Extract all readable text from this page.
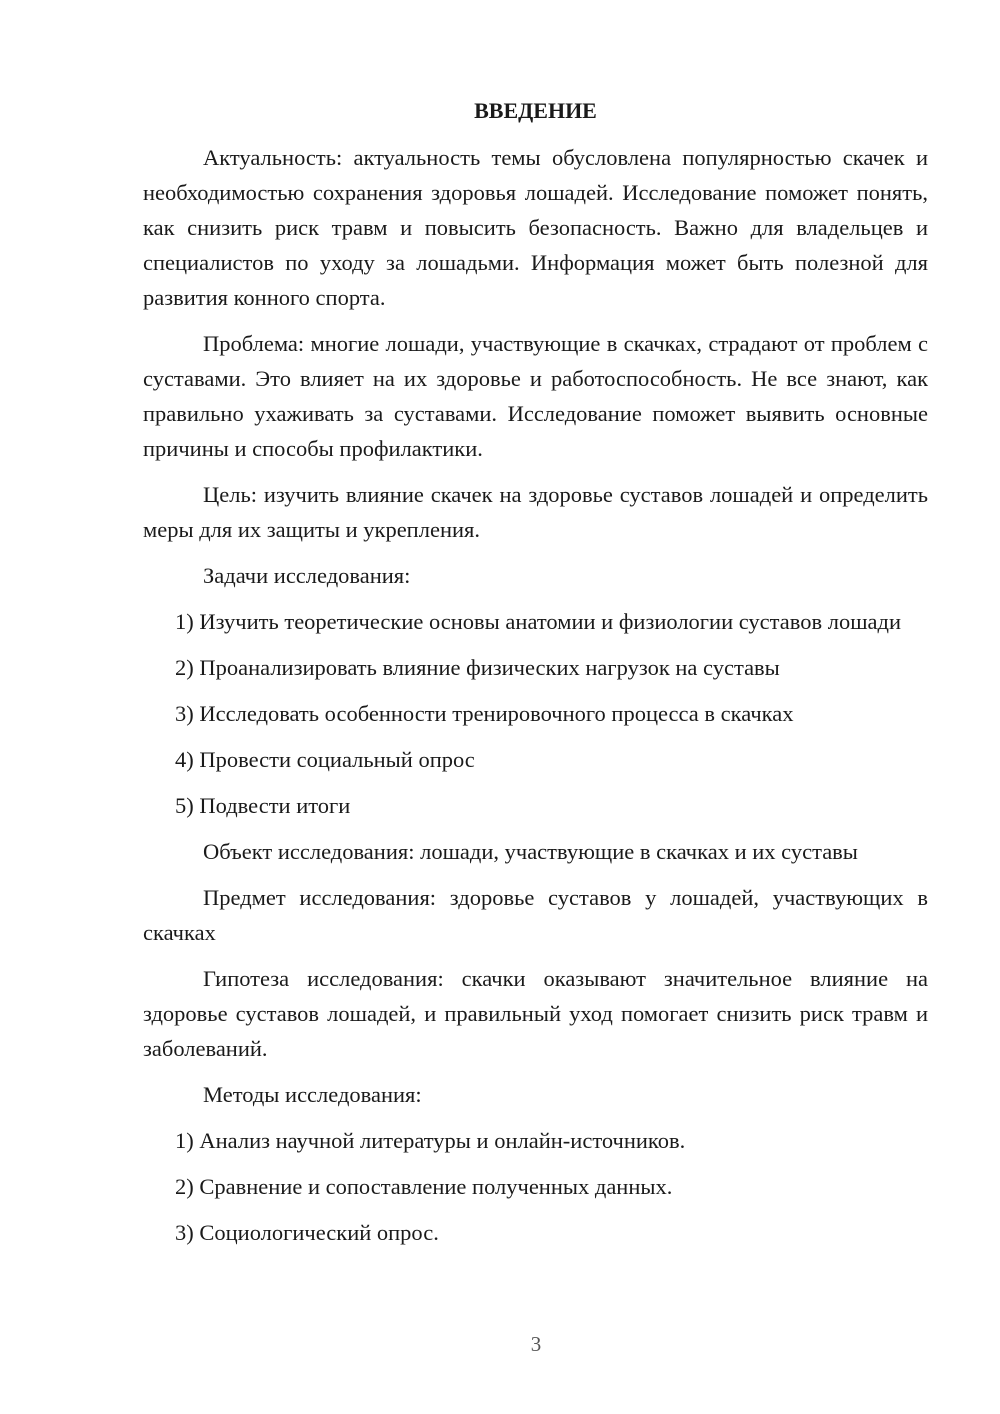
ВВЕДЕНИЕ

Актуальность: актуальность темы обусловлена популярностью скачек и необходимостью сохранения здоровья лошадей. Исследование поможет понять, как снизить риск травм и повысить безопасность. Важно для владельцев и специалистов по уходу за лошадьми. Информация может быть полезной для развития конного спорта.

Проблема: многие лошади, участвующие в скачках, страдают от проблем с суставами. Это влияет на их здоровье и работоспособность. Не все знают, как правильно ухаживать за суставами. Исследование поможет выявить основные причины и способы профилактики.

Цель: изучить влияние скачек на здоровье суставов лошадей и определить меры для их защиты и укрепления.

Задачи исследования:

1) Изучить теоретические основы анатомии и физиологии суставов лошади

2) Проанализировать влияние физических нагрузок на суставы

3) Исследовать особенности тренировочного процесса в скачках

4) Провести социальный опрос

5) Подвести итоги

Объект исследования: лошади, участвующие в скачках и их суставы

Предмет исследования: здоровье суставов у лошадей, участвующих в скачках

Гипотеза исследования: скачки оказывают значительное влияние на здоровье суставов лошадей, и правильный уход помогает снизить риск травм и заболеваний.

Методы исследования:

1) Анализ научной литературы и онлайн-источников.

2) Сравнение и сопоставление полученных данных.

3) Социологический опрос.

3
